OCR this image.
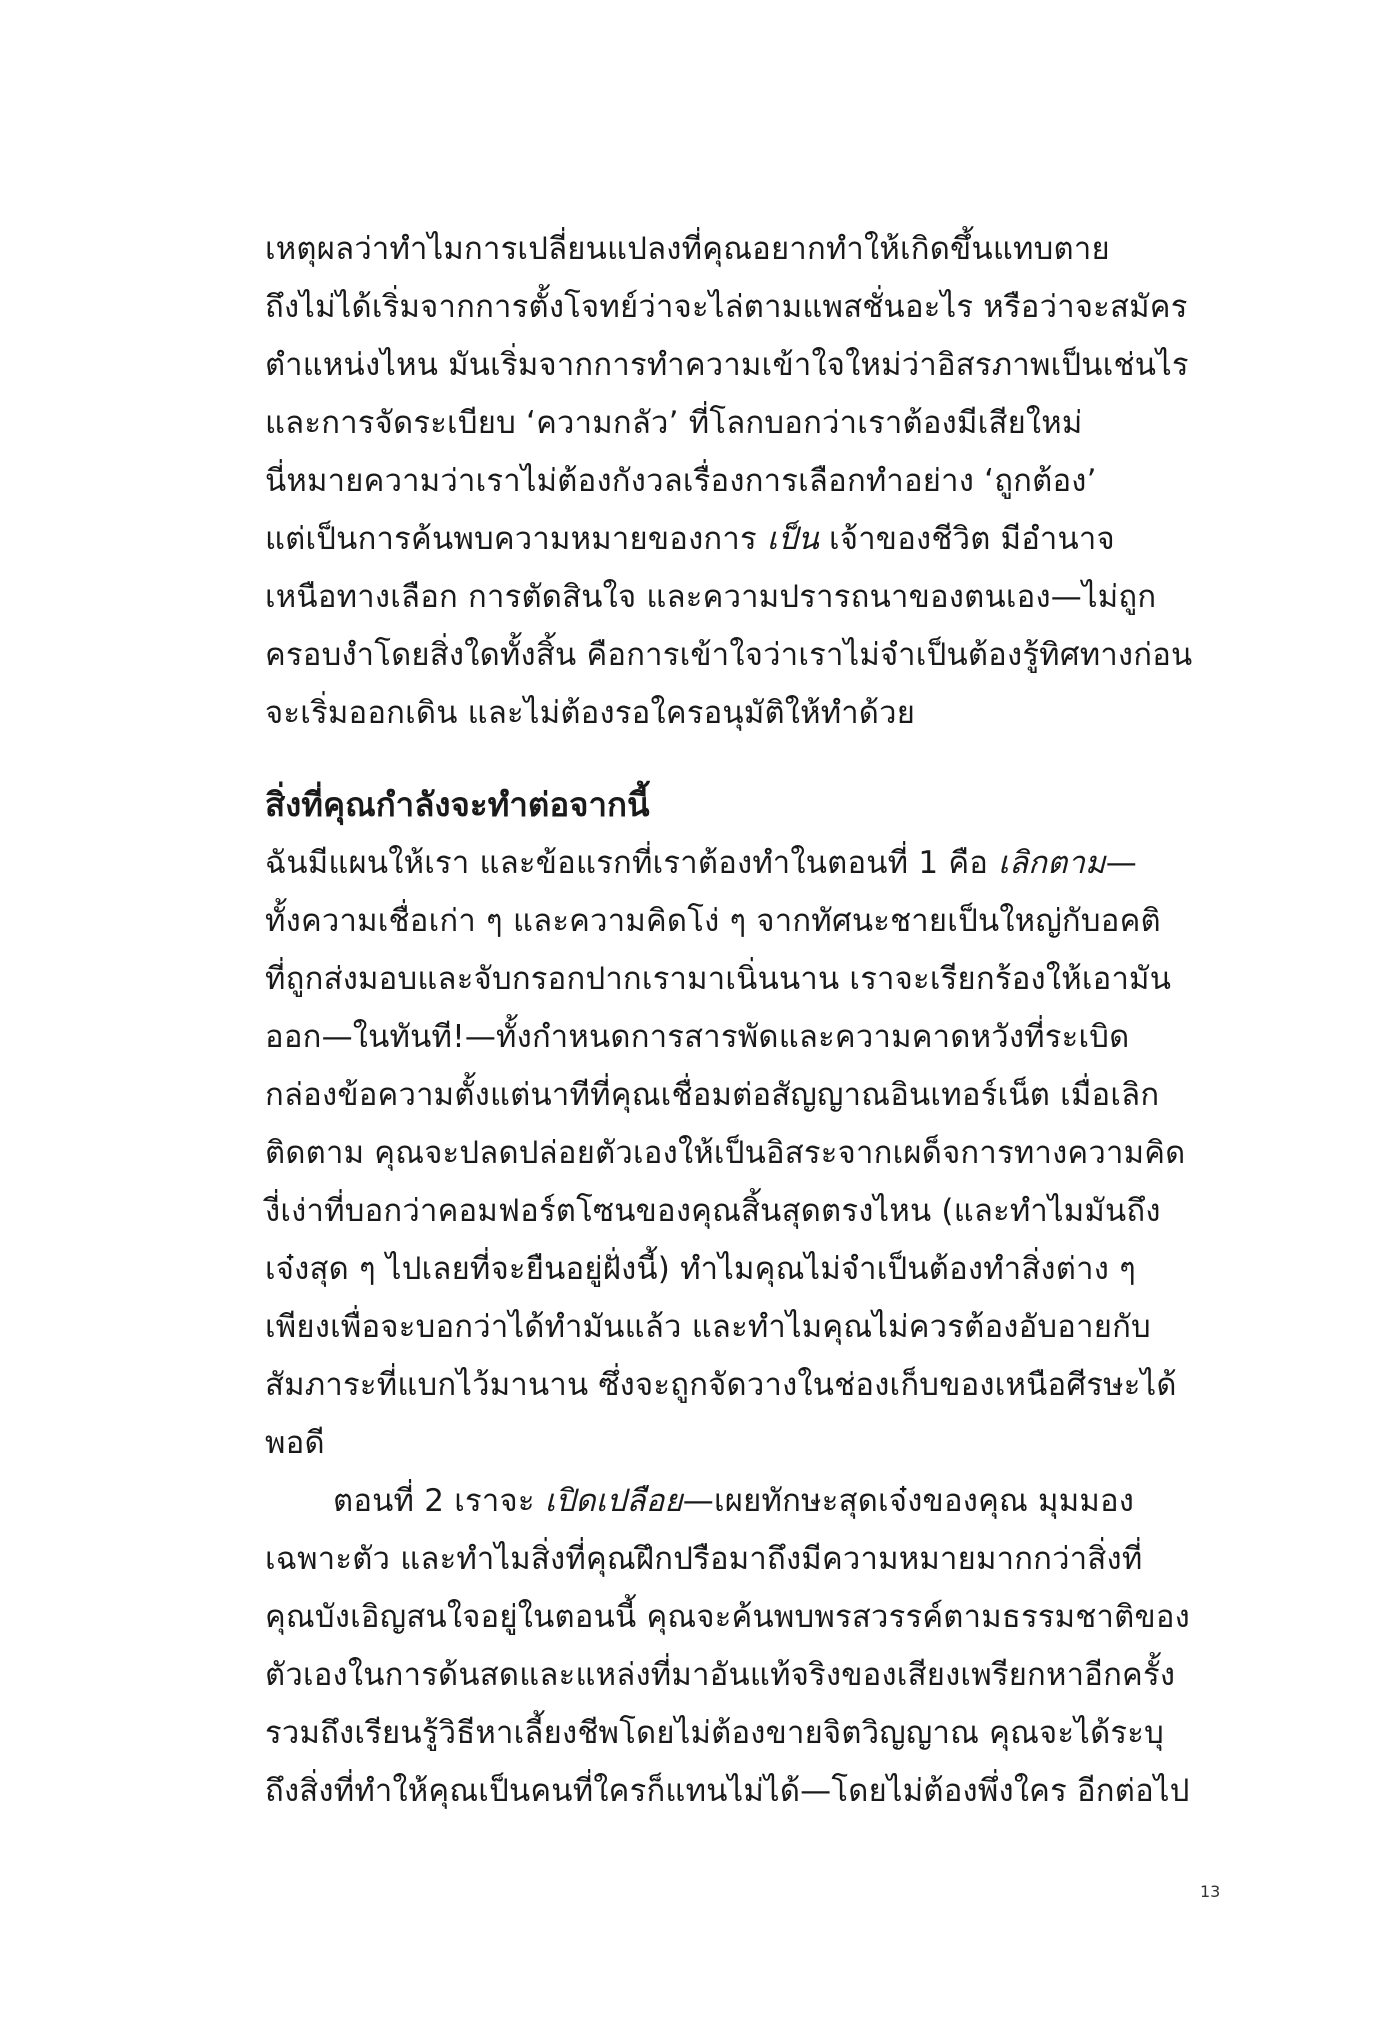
เหตุผลว่าทำไมการเปลี่ยนแปลงที่คุณอยากทำให้เกิดขึ้นแทบตาย
ถึงไม่ได้เริ่มจากการตั้งโจทย์ว่าจะไล่ตามแพสชั่นอะไร หรือว่าจะสมัคร
ตำแหน่งไหน มันเริ่มจากการทำความเข้าใจใหม่ว่าอิสรภาพเป็นเช่นไร
และการจัดระเบียบ ‘ความกลัว’ ที่โลกบอกว่าเราต้องมีเสียใหม่
นี่หมายความว่าเราไม่ต้องกังวลเรื่องการเลือกทำอย่าง ‘ถูกต้อง’
แต่เป็นการค้นพบความหมายของการ เป็น เจ้าของชีวิต มีอำนาจ
เหนือทางเลือก การตัดสินใจ และความปรารถนาของตนเอง—ไม่ถูก
ครอบงำโดยสิ่งใดทั้งสิ้น คือการเข้าใจว่าเราไม่จำเป็นต้องรู้ทิศทางก่อน
จะเริ่มออกเดิน และไม่ต้องรอใครอนุมัติให้ทำด้วย
สิ่งที่คุณกำลังจะทำต่อจากนี้
ฉันมีแผนให้เรา และข้อแรกที่เราต้องทำในตอนที่ 1 คือ เลิกตาม—
ทั้งความเชื่อเก่า ๆ และความคิดโง่ ๆ จากทัศนะชายเป็นใหญ่กับอคติ
ที่ถูกส่งมอบและจับกรอกปากเรามาเนิ่นนาน เราจะเรียกร้องให้เอามัน
ออก—ในทันที!—ทั้งกำหนดการสารพัดและความคาดหวังที่ระเบิด
กล่องข้อความตั้งแต่นาทีที่คุณเชื่อมต่อสัญญาณอินเทอร์เน็ต เมื่อเลิก
ติดตาม คุณจะปลดปล่อยตัวเองให้เป็นอิสระจากเผด็จการทางความคิด
งี่เง่าที่บอกว่าคอมฟอร์ตโซนของคุณสิ้นสุดตรงไหน (และทำไมมันถึง
เจ๋งสุด ๆ ไปเลยที่จะยืนอยู่ฝั่งนี้) ทำไมคุณไม่จำเป็นต้องทำสิ่งต่าง ๆ
เพียงเพื่อจะบอกว่าได้ทำมันแล้ว และทำไมคุณไม่ควรต้องอับอายกับ
สัมภาระที่แบกไว้มานาน ซึ่งจะถูกจัดวางในช่องเก็บของเหนือศีรษะได้
พอดี
ตอนที่ 2 เราจะ เปิดเปลือย—เผยทักษะสุดเจ๋งของคุณ มุมมอง
เฉพาะตัว และทำไมสิ่งที่คุณฝึกปรือมาถึงมีความหมายมากกว่าสิ่งที่
คุณบังเอิญสนใจอยู่ในตอนนี้ คุณจะค้นพบพรสวรรค์ตามธรรมชาติของ
ตัวเองในการด้นสดและแหล่งที่มาอันแท้จริงของเสียงเพรียกหาอีกครั้ง
รวมถึงเรียนรู้วิธีหาเลี้ยงชีพโดยไม่ต้องขายจิตวิญญาณ คุณจะได้ระบุ
ถึงสิ่งที่ทำให้คุณเป็นคนที่ใครก็แทนไม่ได้—โดยไม่ต้องพึ่งใคร อีกต่อไป
13
